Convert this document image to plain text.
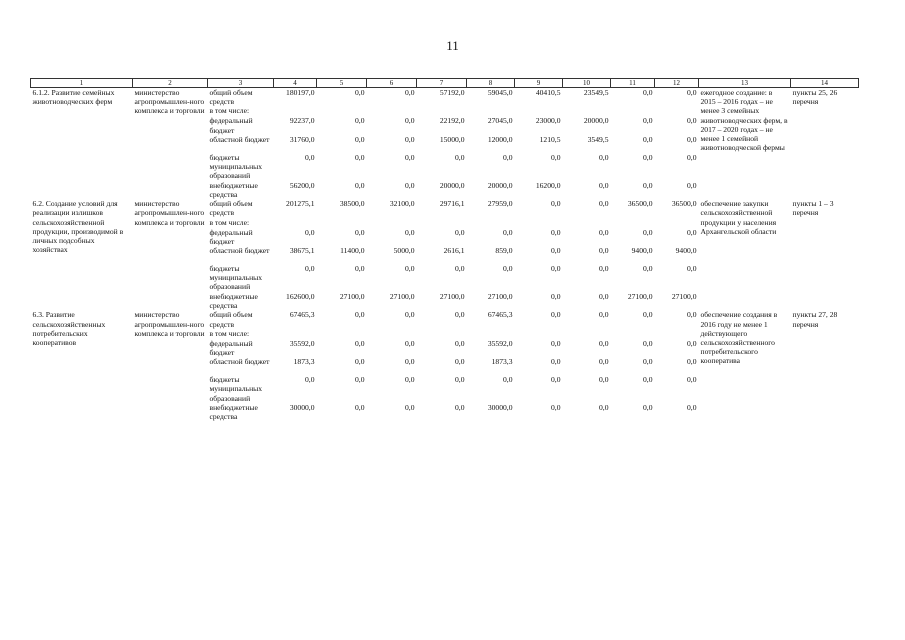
11
1	2	3	4	5	6	7	8	9	10	11	12	13	14
6.1.2. Развитие семейных животноводческих ферм	министерство агропромышлен-ного комплекса и торговли	общий объем средств	180197,0	0,0	0,0	57192,0	59045,0	40410,5	23549,5	0,0	0,0	ежегодное создание: в 2015 – 2016 годах – не менее 3 семейных животноводческих ферм, в 2017 – 2020 годах – не менее 1 семейной животноводческой фермы	пункты 25, 26 перечня
		в том числе:											
		федеральный бюджет	92237,0	0,0	0,0	22192,0	27045,0	23000,0	20000,0	0,0	0,0		
		областной бюджет	31760,0	0,0	0,0	15000,0	12000,0	1210,5	3549,5	0,0	0,0		
		бюджеты муниципальных образований	0,0	0,0	0,0	0,0	0,0	0,0	0,0	0,0	0,0		
		внебюджетные средства	56200,0	0,0	0,0	20000,0	20000,0	16200,0	0,0	0,0	0,0		
6.2. Создание условий для реализации излишков сельскохозяйственной продукции, производимой в личных подсобных хозяйствах	министерство агропромышлен-ного комплекса и торговли	общий объем средств	201275,1	38500,0	32100,0	29716,1	27959,0	0,0	0,0	36500,0	36500,0	обеспечение закупки сельскохозяйственной продукции у населения Архангельской области	пункты 1 – 3 перечня
		в том числе:											
		федеральный бюджет	0,0	0,0	0,0	0,0	0,0	0,0	0,0	0,0	0,0		
		областной бюджет	38675,1	11400,0	5000,0	2616,1	859,0	0,0	0,0	9400,0	9400,0		
		бюджеты муниципальных образований	0,0	0,0	0,0	0,0	0,0	0,0	0,0	0,0	0,0		
		внебюджетные средства	162600,0	27100,0	27100,0	27100,0	27100,0	0,0	0,0	27100,0	27100,0		
6.3. Развитие сельскохозяйственных потребительских кооперативов	министерство агропромышлен-ного комплекса и торговли	общий объем средств	67465,3	0,0	0,0	0,0	67465,3	0,0	0,0	0,0	0,0	обеспечение создания в 2016 году не менее 1 действующего сельскохозяйственного потребительского кооператива	пункты 27, 28 перечня
		в том числе:											
		федеральный бюджет	35592,0	0,0	0,0	0,0	35592,0	0,0	0,0	0,0	0,0		
		областной бюджет	1873,3	0,0	0,0	0,0	1873,3	0,0	0,0	0,0	0,0		
		бюджеты муниципальных образований	0,0	0,0	0,0	0,0	0,0	0,0	0,0	0,0	0,0		
		внебюджетные средства	30000,0	0,0	0,0	0,0	30000,0	0,0	0,0	0,0	0,0		
